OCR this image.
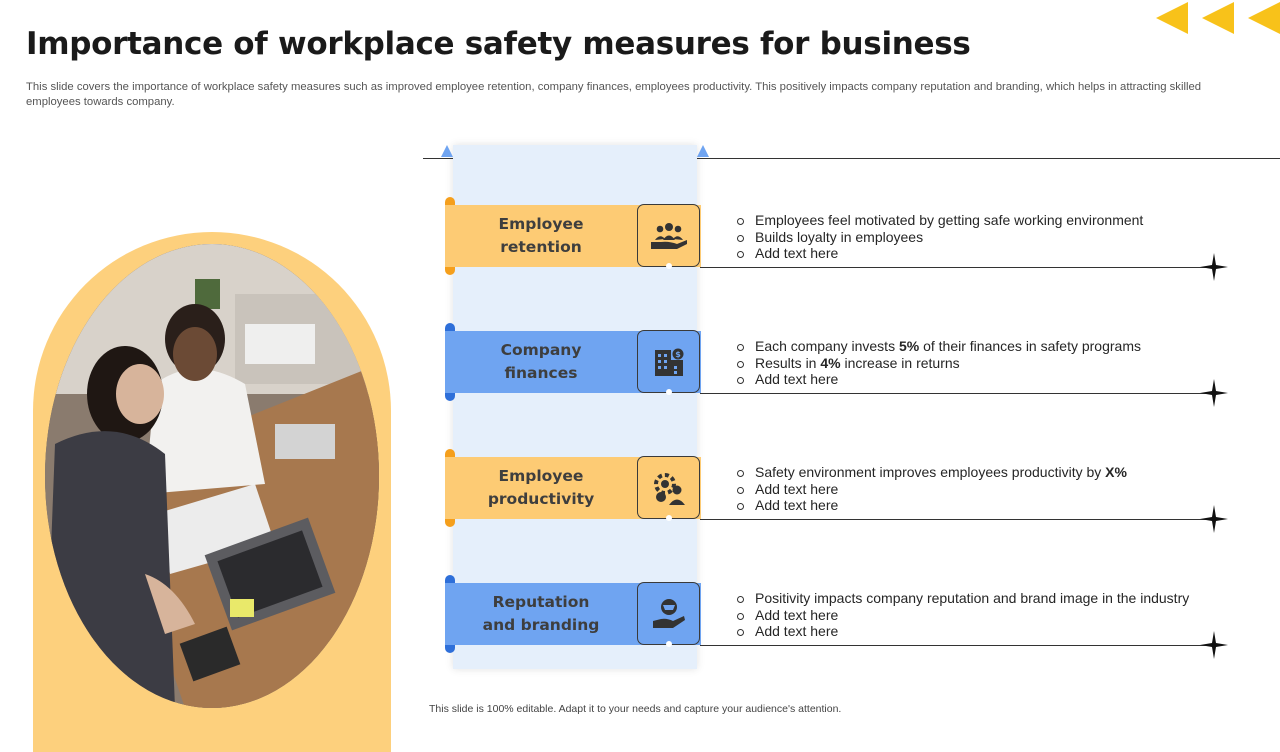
Importance of workplace safety measures for business

This slide covers the importance of workplace safety measures such as improved employee retention, company finances, employees productivity. This positively impacts company reputation and branding, which helps in attracting skilled employees towards company.

Employee
retention
Employees feel motivated by getting safe working environment
Builds loyalty in employees
Add text here
Company
finances
$	Each company invests 5% of their finances in safety programs
Results in 4% increase in returns
Add text here
Employee
productivity
Safety environment improves employees productivity by X%
Add text here
Add text here
Reputation
and branding
Positivity impacts company reputation and brand image in the industry
Add text here
Add text here
This slide is 100% editable. Adapt it to your needs and capture your audience's attention.
